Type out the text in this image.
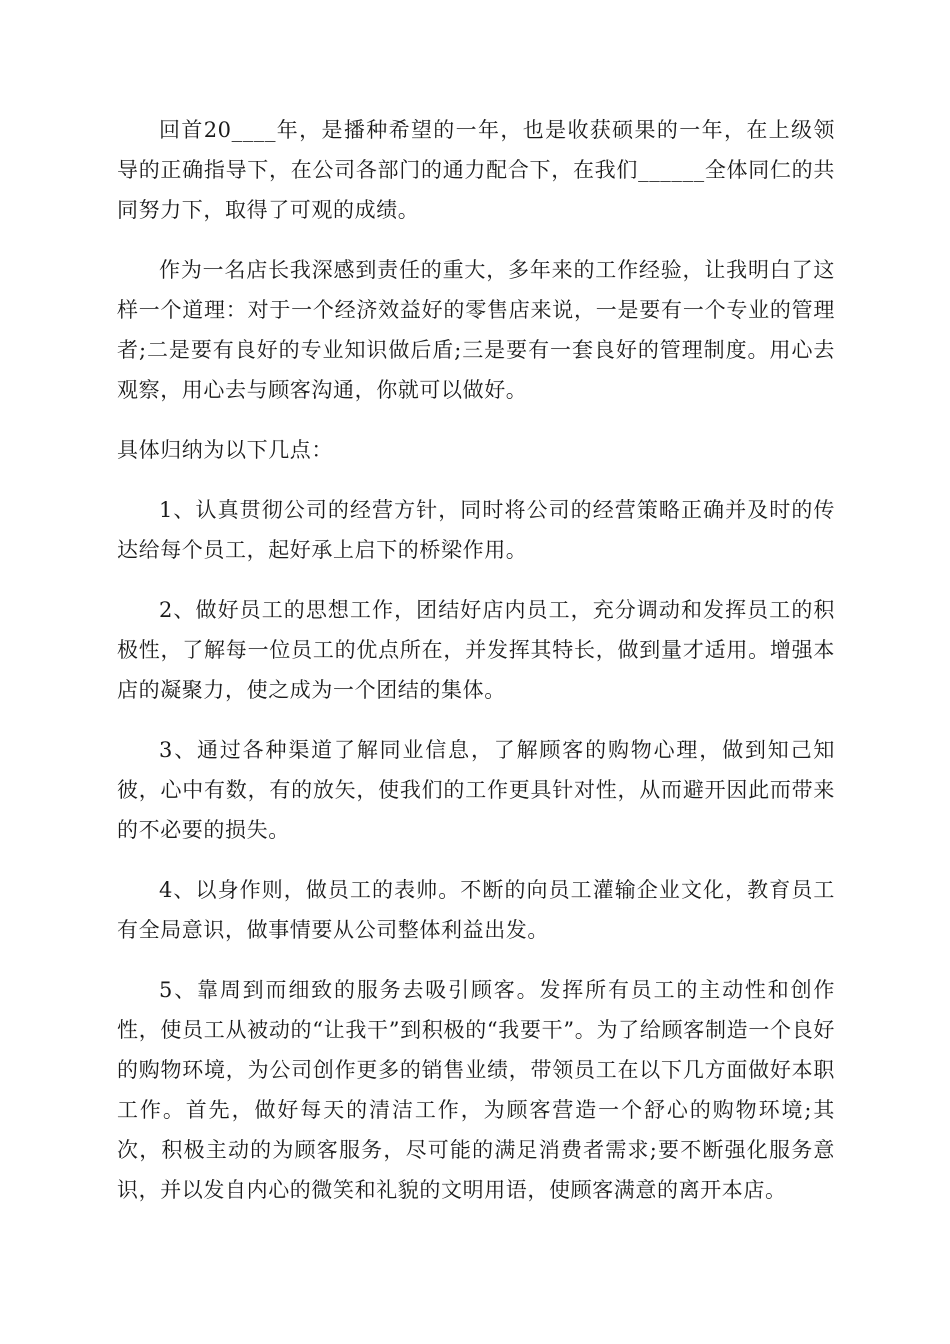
回首20____年，是播种希望的一年，也是收获硕果的一年，在上级领导的正确指导下，在公司各部门的通力配合下，在我们______全体同仁的共同努力下，取得了可观的成绩。

作为一名店长我深感到责任的重大，多年来的工作经验，让我明白了这样一个道理：对于一个经济效益好的零售店来说，一是要有一个专业的管理者;二是要有良好的专业知识做后盾;三是要有一套良好的管理制度。用心去观察，用心去与顾客沟通，你就可以做好。

具体归纳为以下几点：

1、认真贯彻公司的经营方针，同时将公司的经营策略正确并及时的传达给每个员工，起好承上启下的桥梁作用。

2、做好员工的思想工作，团结好店内员工，充分调动和发挥员工的积极性，了解每一位员工的优点所在，并发挥其特长，做到量才适用。增强本店的凝聚力，使之成为一个团结的集体。

3、通过各种渠道了解同业信息，了解顾客的购物心理，做到知己知彼，心中有数，有的放矢，使我们的工作更具针对性，从而避开因此而带来的不必要的损失。

4、以身作则，做员工的表帅。不断的向员工灌输企业文化，教育员工有全局意识，做事情要从公司整体利益出发。

5、靠周到而细致的服务去吸引顾客。发挥所有员工的主动性和创作性，使员工从被动的“让我干”到积极的“我要干”。为了给顾客制造一个良好的购物环境，为公司创作更多的销售业绩，带领员工在以下几方面做好本职工作。首先，做好每天的清洁工作，为顾客营造一个舒心的购物环境;其次，积极主动的为顾客服务，尽可能的满足消费者需求;要不断强化服务意识，并以发自内心的微笑和礼貌的文明用语，使顾客满意的离开本店。
